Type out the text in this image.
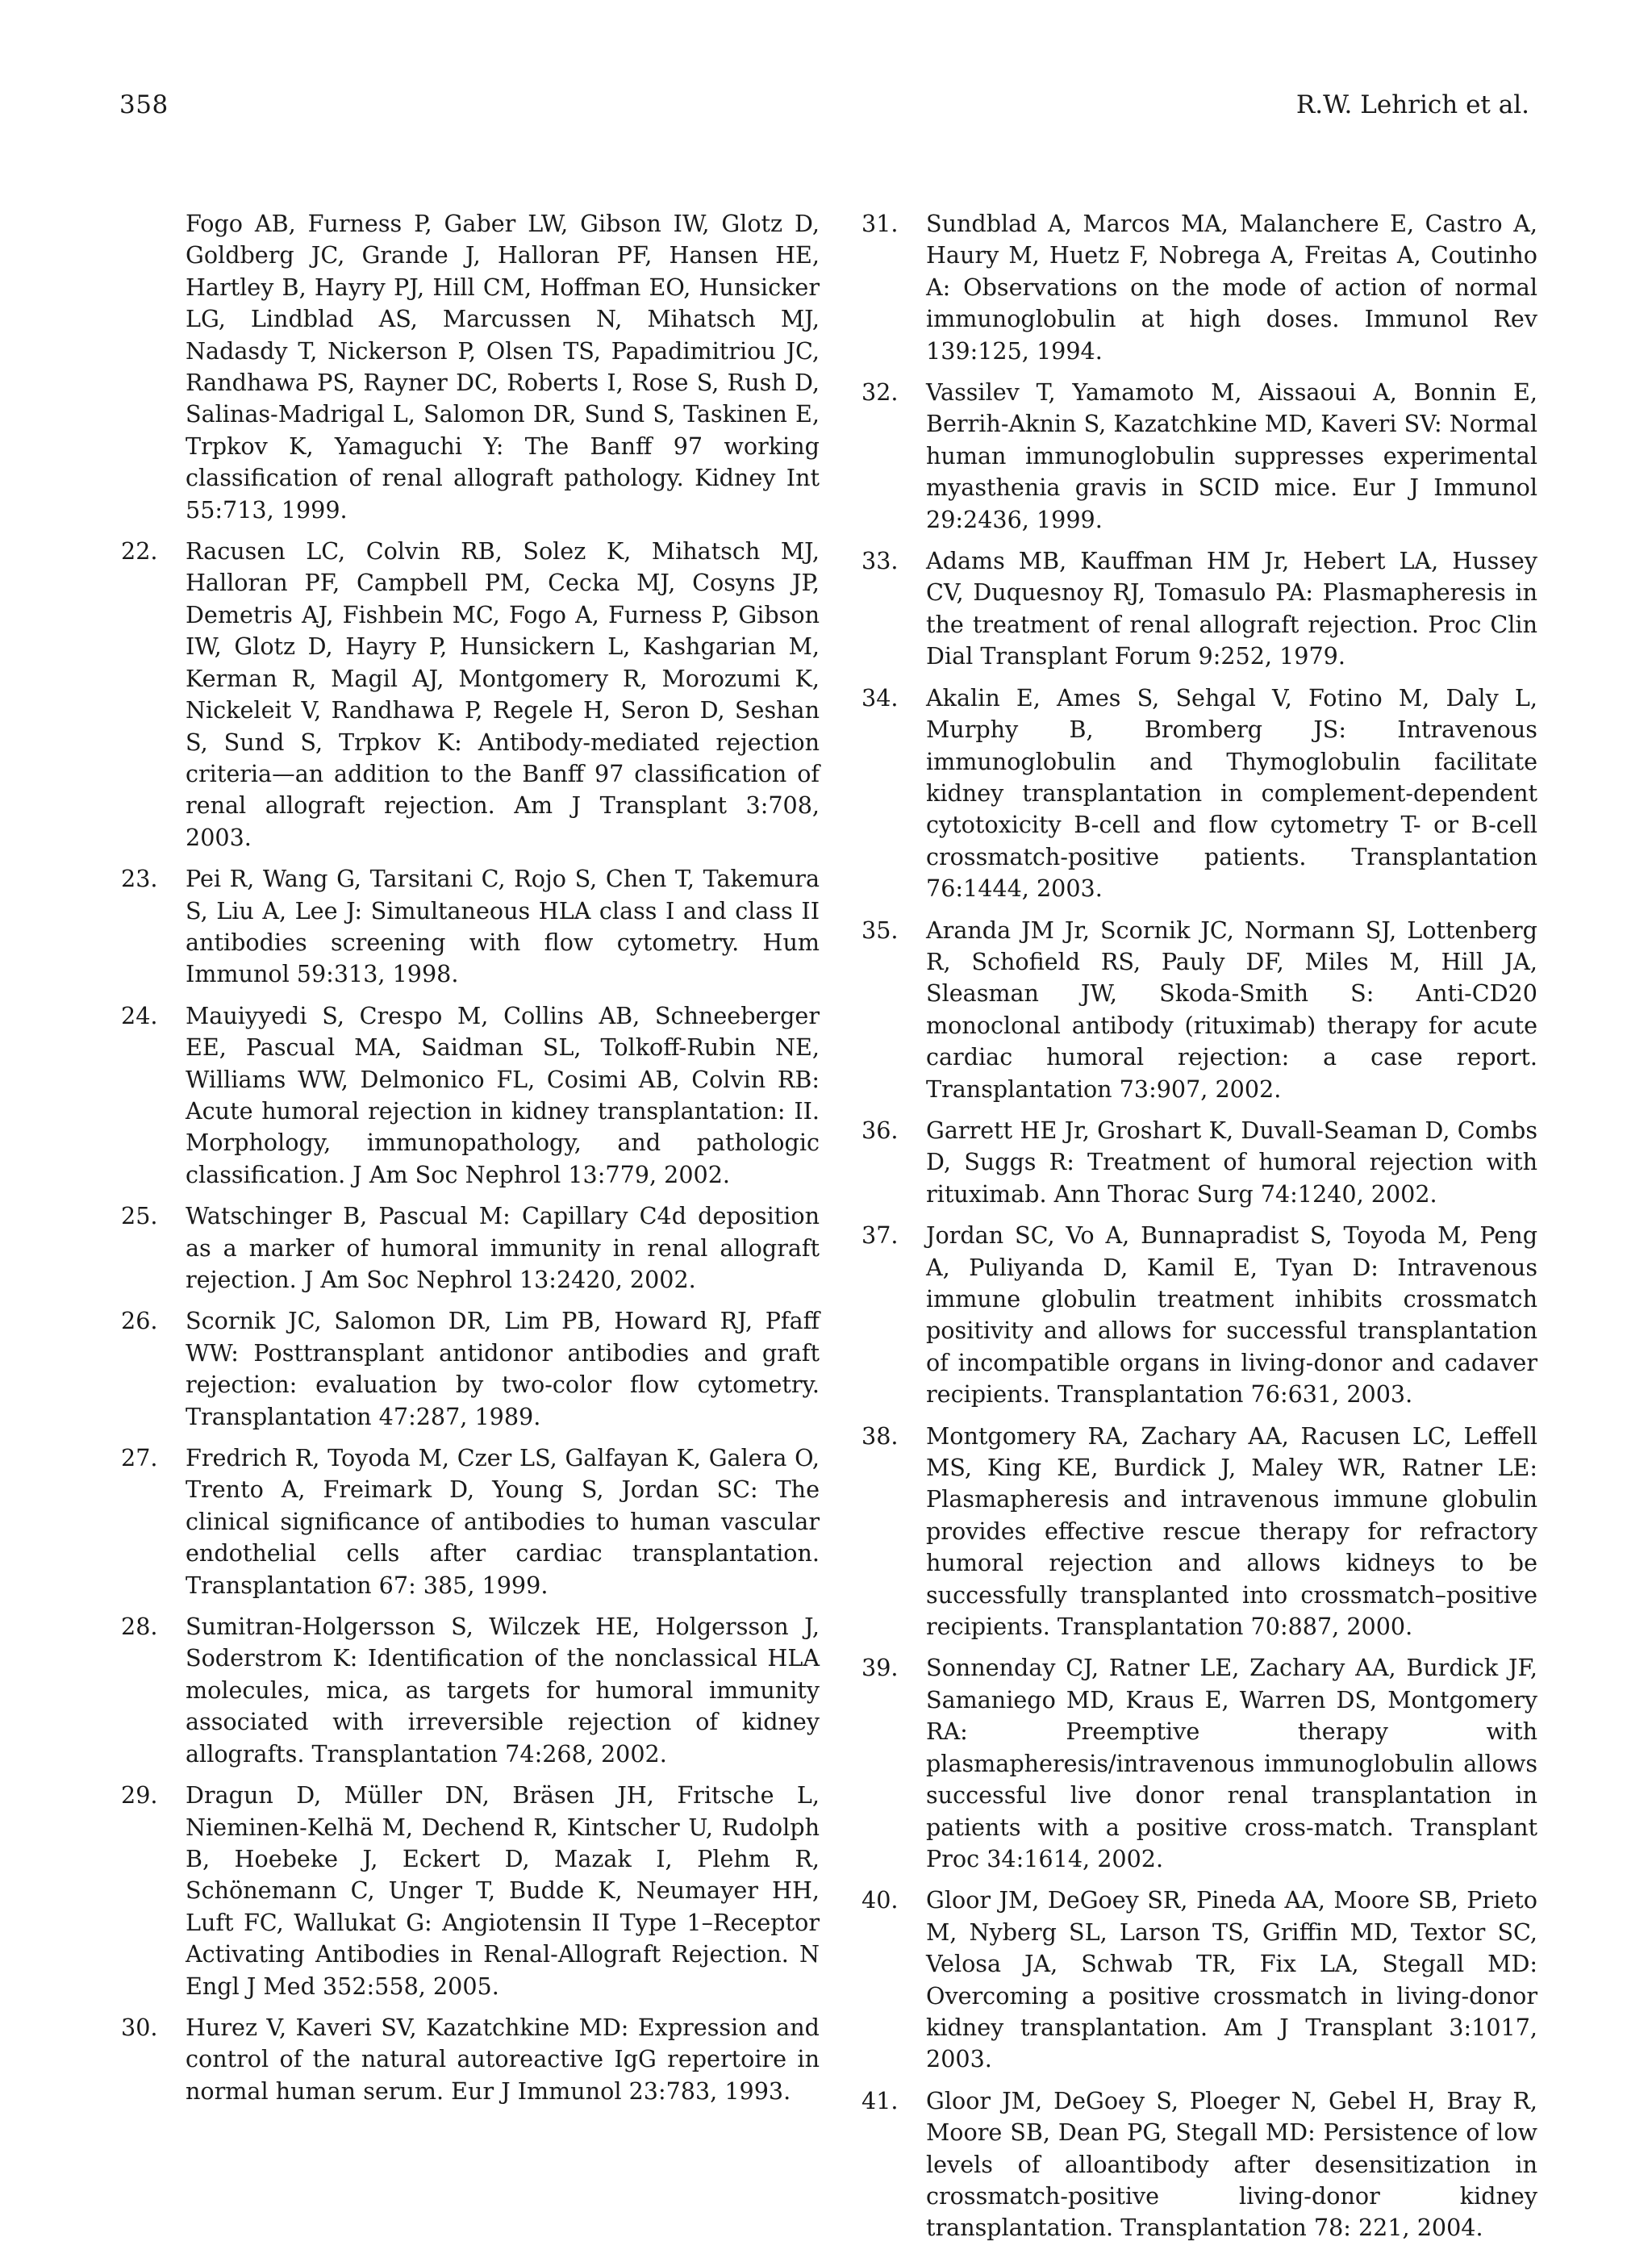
358	R.W. Lehrich et al.
Fogo AB, Furness P, Gaber LW, Gibson IW, Glotz D, Goldberg JC, Grande J, Halloran PF, Hansen HE, Hartley B, Hayry PJ, Hill CM, Hoffman EO, Hunsicker LG, Lindblad AS, Marcussen N, Mihatsch MJ, Nadasdy T, Nickerson P, Olsen TS, Papadimitriou JC, Randhawa PS, Rayner DC, Roberts I, Rose S, Rush D, Salinas-Madrigal L, Salomon DR, Sund S, Taskinen E, Trpkov K, Yamaguchi Y: The Banff 97 working classification of renal allograft pathology. Kidney Int 55:713, 1999.
22.	Racusen LC, Colvin RB, Solez K, Mihatsch MJ, Halloran PF, Campbell PM, Cecka MJ, Cosyns JP, Demetris AJ, Fishbein MC, Fogo A, Furness P, Gibson IW, Glotz D, Hayry P, Hunsickern L, Kashgarian M, Kerman R, Magil AJ, Montgomery R, Morozumi K, Nickeleit V, Randhawa P, Regele H, Seron D, Seshan S, Sund S, Trpkov K: Antibody-mediated rejection criteria—an addition to the Banff 97 classification of renal allograft rejection. Am J Transplant 3:708, 2003.
23.	Pei R, Wang G, Tarsitani C, Rojo S, Chen T, Takemura S, Liu A, Lee J: Simultaneous HLA class I and class II antibodies screening with flow cytometry. Hum Immunol 59:313, 1998.
24.	Mauiyyedi S, Crespo M, Collins AB, Schneeberger EE, Pascual MA, Saidman SL, Tolkoff-Rubin NE, Williams WW, Delmonico FL, Cosimi AB, Colvin RB: Acute humoral rejection in kidney transplantation: II. Morphology, immunopathology, and pathologic classification. J Am Soc Nephrol 13:779, 2002.
25.	Watschinger B, Pascual M: Capillary C4d deposition as a marker of humoral immunity in renal allograft rejection. J Am Soc Nephrol 13:2420, 2002.
26.	Scornik JC, Salomon DR, Lim PB, Howard RJ, Pfaff WW: Posttransplant antidonor antibodies and graft rejection: evaluation by two-color flow cytometry. Transplantation 47:287, 1989.
27.	Fredrich R, Toyoda M, Czer LS, Galfayan K, Galera O, Trento A, Freimark D, Young S, Jordan SC: The clinical significance of antibodies to human vascular endothelial cells after cardiac transplantation. Transplantation 67: 385, 1999.
28.	Sumitran-Holgersson S, Wilczek HE, Holgersson J, Soderstrom K: Identification of the nonclassical HLA molecules, mica, as targets for humoral immunity associated with irreversible rejection of kidney allografts. Transplantation 74:268, 2002.
29.	Dragun D, Müller DN, Bräsen JH, Fritsche L, Nieminen-Kelhä M, Dechend R, Kintscher U, Rudolph B, Hoebeke J, Eckert D, Mazak I, Plehm R, Schönemann C, Unger T, Budde K, Neumayer HH, Luft FC, Wallukat G: Angiotensin II Type 1–Receptor Activating Antibodies in Renal-Allograft Rejection. N Engl J Med 352:558, 2005.
30.	Hurez V, Kaveri SV, Kazatchkine MD: Expression and control of the natural autoreactive IgG repertoire in normal human serum. Eur J Immunol 23:783, 1993.
31.	Sundblad A, Marcos MA, Malanchere E, Castro A, Haury M, Huetz F, Nobrega A, Freitas A, Coutinho A: Observations on the mode of action of normal immunoglobulin at high doses. Immunol Rev 139:125, 1994.
32.	Vassilev T, Yamamoto M, Aissaoui A, Bonnin E, Berrih-Aknin S, Kazatchkine MD, Kaveri SV: Normal human immunoglobulin suppresses experimental myasthenia gravis in SCID mice. Eur J Immunol 29:2436, 1999.
33.	Adams MB, Kauffman HM Jr, Hebert LA, Hussey CV, Duquesnoy RJ, Tomasulo PA: Plasmapheresis in the treatment of renal allograft rejection. Proc Clin Dial Transplant Forum 9:252, 1979.
34.	Akalin E, Ames S, Sehgal V, Fotino M, Daly L, Murphy B, Bromberg JS: Intravenous immunoglobulin and Thymoglobulin facilitate kidney transplantation in complement-dependent cytotoxicity B-cell and flow cytometry T- or B-cell crossmatch-positive patients. Transplantation 76:1444, 2003.
35.	Aranda JM Jr, Scornik JC, Normann SJ, Lottenberg R, Schofield RS, Pauly DF, Miles M, Hill JA, Sleasman JW, Skoda-Smith S: Anti-CD20 monoclonal antibody (rituximab) therapy for acute cardiac humoral rejection: a case report. Transplantation 73:907, 2002.
36.	Garrett HE Jr, Groshart K, Duvall-Seaman D, Combs D, Suggs R: Treatment of humoral rejection with rituximab. Ann Thorac Surg 74:1240, 2002.
37.	Jordan SC, Vo A, Bunnapradist S, Toyoda M, Peng A, Puliyanda D, Kamil E, Tyan D: Intravenous immune globulin treatment inhibits crossmatch positivity and allows for successful transplantation of incompatible organs in living-donor and cadaver recipients. Transplantation 76:631, 2003.
38.	Montgomery RA, Zachary AA, Racusen LC, Leffell MS, King KE, Burdick J, Maley WR, Ratner LE: Plasmapheresis and intravenous immune globulin provides effective rescue therapy for refractory humoral rejection and allows kidneys to be successfully transplanted into crossmatch–positive recipients. Transplantation 70:887, 2000.
39.	Sonnenday CJ, Ratner LE, Zachary AA, Burdick JF, Samaniego MD, Kraus E, Warren DS, Montgomery RA: Preemptive therapy with plasmapheresis/intravenous immunoglobulin allows successful live donor renal transplantation in patients with a positive cross-match. Transplant Proc 34:1614, 2002.
40.	Gloor JM, DeGoey SR, Pineda AA, Moore SB, Prieto M, Nyberg SL, Larson TS, Griffin MD, Textor SC, Velosa JA, Schwab TR, Fix LA, Stegall MD: Overcoming a positive crossmatch in living-donor kidney transplantation. Am J Transplant 3:1017, 2003.
41.	Gloor JM, DeGoey S, Ploeger N, Gebel H, Bray R, Moore SB, Dean PG, Stegall MD: Persistence of low levels of alloantibody after desensitization in crossmatch-positive living-donor kidney transplantation. Transplantation 78: 221, 2004.
